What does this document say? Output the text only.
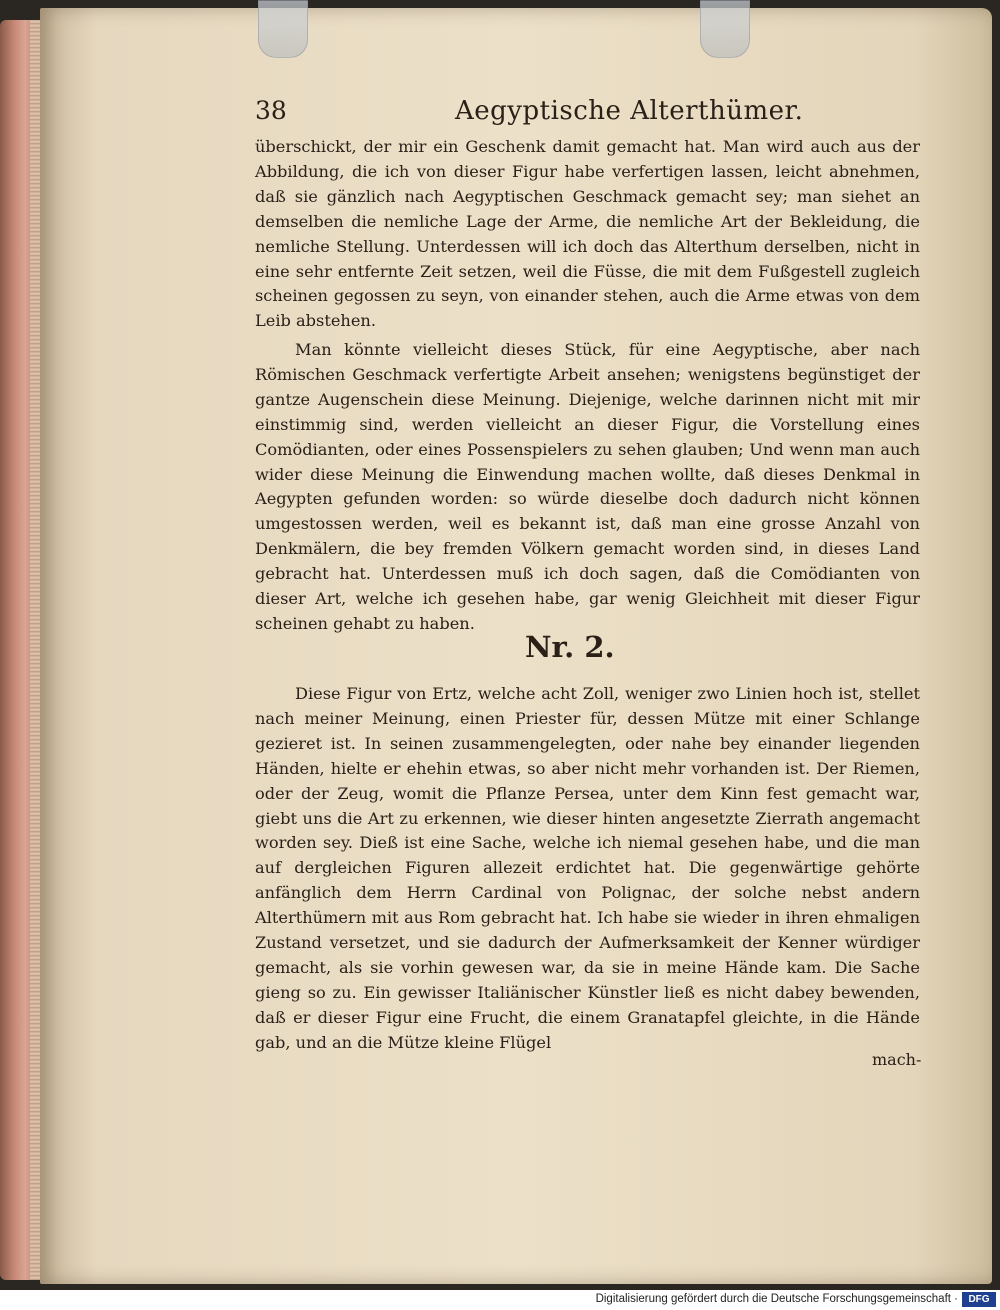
38	Aegyptische Alterthümer.
überschickt, der mir ein Geschenk damit gemacht hat. Man wird auch aus der Abbildung, die ich von dieser Figur habe verfertigen lassen, leicht abnehmen, daß sie gänzlich nach Aegyptischen Geschmack gemacht sey; man siehet an demselben die nemliche Lage der Arme, die nemliche Art der Bekleidung, die nemliche Stellung. Unterdessen will ich doch das Alterthum derselben, nicht in eine sehr entfernte Zeit setzen, weil die Füsse, die mit dem Fußgestell zugleich scheinen gegossen zu seyn, von einander stehen, auch die Arme etwas von dem Leib abstehen.
Man könnte vielleicht dieses Stück, für eine Aegyptische, aber nach Römischen Geschmack verfertigte Arbeit ansehen; wenigstens begünstiget der gantze Augenschein diese Meinung. Diejenige, welche darinnen nicht mit mir einstimmig sind, werden vielleicht an dieser Figur, die Vorstellung eines Comödianten, oder eines Possenspielers zu sehen glauben; Und wenn man auch wider diese Meinung die Einwendung machen wollte, daß dieses Denkmal in Aegypten gefunden worden: so würde dieselbe doch dadurch nicht können umgestossen werden, weil es bekannt ist, daß man eine grosse Anzahl von Denkmälern, die bey fremden Völkern gemacht worden sind, in dieses Land gebracht hat. Unterdessen muß ich doch sagen, daß die Comödianten von dieser Art, welche ich gesehen habe, gar wenig Gleichheit mit dieser Figur scheinen gehabt zu haben.
Nr. 2.
Diese Figur von Ertz, welche acht Zoll, weniger zwo Linien hoch ist, stellet nach meiner Meinung, einen Priester für, dessen Mütze mit einer Schlange gezieret ist. In seinen zusammengelegten, oder nahe bey einander liegenden Händen, hielte er ehehin etwas, so aber nicht mehr vorhanden ist. Der Riemen, oder der Zeug, womit die Pflanze Persea, unter dem Kinn fest gemacht war, giebt uns die Art zu erkennen, wie dieser hinten angesetzte Zierrath angemacht worden sey. Dieß ist eine Sache, welche ich niemal gesehen habe, und die man auf dergleichen Figuren allezeit erdichtet hat. Die gegenwärtige gehörte anfänglich dem Herrn Cardinal von Polignac, der solche nebst andern Alterthümern mit aus Rom gebracht hat. Ich habe sie wieder in ihren ehmaligen Zustand versetzet, und sie dadurch der Aufmerksamkeit der Kenner würdiger gemacht, als sie vorhin gewesen war, da sie in meine Hände kam. Die Sache gieng so zu. Ein gewisser Italiänischer Künstler ließ es nicht dabey bewenden, daß er dieser Figur eine Frucht, die einem Granatapfel gleichte, in die Hände gab, und an die Mütze kleine Flügel
mach-
Digitalisierung gefördert durch die Deutsche Forschungsgemeinschaft ·	DFG
